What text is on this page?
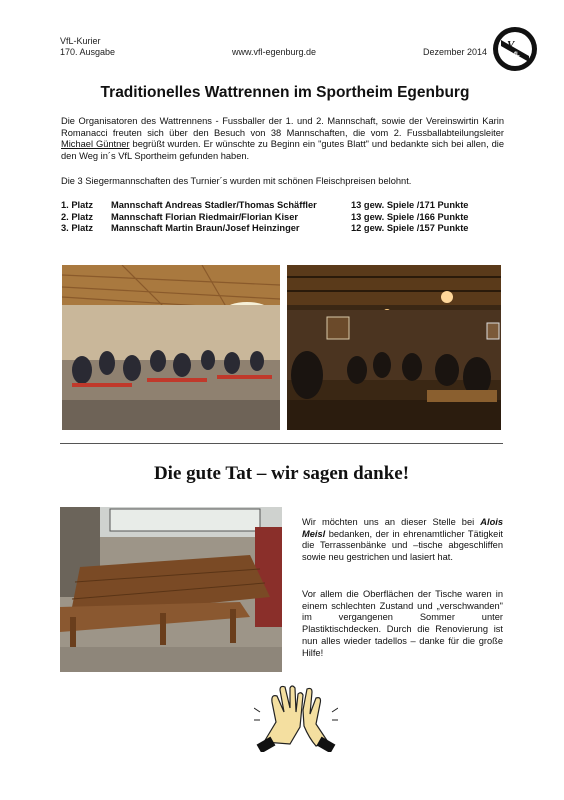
VfL-Kurier
170. Ausgabe	www.vfl-egenburg.de	Dezember 2014
V
fL
Traditionelles Wattrennen im Sportheim Egenburg
Die Organisatoren des Wattrennens - Fussballer der 1. und 2. Mannschaft, sowie der Vereinswirtin Karin Romanacci freuten sich über den Besuch von 38 Mannschaften, die vom 2. Fussballabteilungsleiter Michael Güntner begrüßt wurden. Er wünschte zu Beginn ein "gutes Blatt" und bedankte sich bei allen, die den Weg in´s VfL Sportheim gefunden haben.
Die 3 Siegermannschaften des Turnier´s wurden mit schönen Fleischpreisen belohnt.
1. Platz	Mannschaft Andreas Stadler/Thomas Schäffler	13 gew. Spiele /171 Punkte
2. Platz	Mannschaft Florian Riedmair/Florian Kiser	13 gew. Spiele /166 Punkte
3. Platz	Mannschaft Martin Braun/Josef Heinzinger	12 gew. Spiele /157 Punkte
Die gute Tat – wir sagen danke!
Wir möchten uns an dieser Stelle bei Alois Meisl bedanken, der in ehrenamtlicher Tätigkeit die Terrassenbänke und –tische abgeschliffen sowie neu gestrichen und lasiert hat.
Vor allem die Oberflächen der Tische waren in einem schlechten Zustand und „verschwanden" im vergangenen Sommer unter Plastiktischdecken. Durch die Renovierung ist nun alles wieder tadellos – danke für die große Hilfe!
